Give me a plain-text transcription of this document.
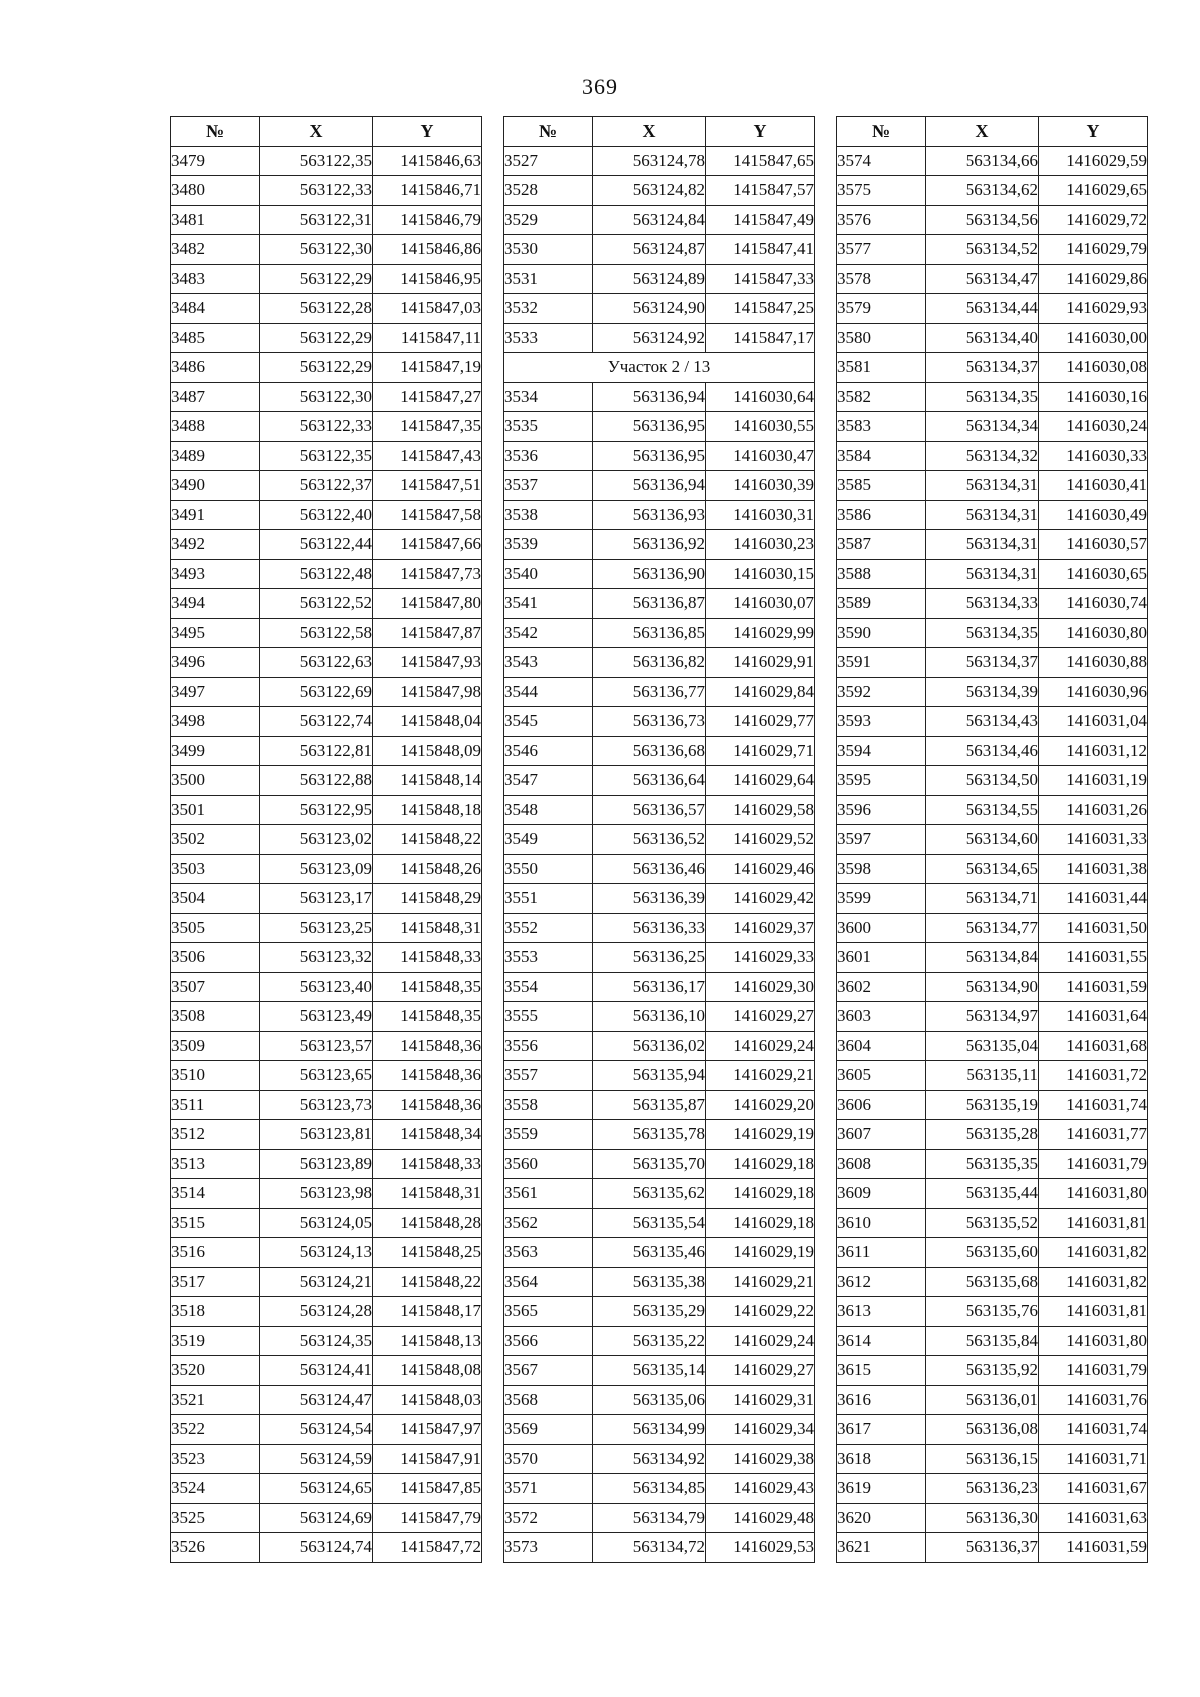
369
№	X	Y
3479	563122,35	1415846,63
3480	563122,33	1415846,71
3481	563122,31	1415846,79
3482	563122,30	1415846,86
3483	563122,29	1415846,95
3484	563122,28	1415847,03
3485	563122,29	1415847,11
3486	563122,29	1415847,19
3487	563122,30	1415847,27
3488	563122,33	1415847,35
3489	563122,35	1415847,43
3490	563122,37	1415847,51
3491	563122,40	1415847,58
3492	563122,44	1415847,66
3493	563122,48	1415847,73
3494	563122,52	1415847,80
3495	563122,58	1415847,87
3496	563122,63	1415847,93
3497	563122,69	1415847,98
3498	563122,74	1415848,04
3499	563122,81	1415848,09
3500	563122,88	1415848,14
3501	563122,95	1415848,18
3502	563123,02	1415848,22
3503	563123,09	1415848,26
3504	563123,17	1415848,29
3505	563123,25	1415848,31
3506	563123,32	1415848,33
3507	563123,40	1415848,35
3508	563123,49	1415848,35
3509	563123,57	1415848,36
3510	563123,65	1415848,36
3511	563123,73	1415848,36
3512	563123,81	1415848,34
3513	563123,89	1415848,33
3514	563123,98	1415848,31
3515	563124,05	1415848,28
3516	563124,13	1415848,25
3517	563124,21	1415848,22
3518	563124,28	1415848,17
3519	563124,35	1415848,13
3520	563124,41	1415848,08
3521	563124,47	1415848,03
3522	563124,54	1415847,97
3523	563124,59	1415847,91
3524	563124,65	1415847,85
3525	563124,69	1415847,79
3526	563124,74	1415847,72
№	X	Y
3527	563124,78	1415847,65
3528	563124,82	1415847,57
3529	563124,84	1415847,49
3530	563124,87	1415847,41
3531	563124,89	1415847,33
3532	563124,90	1415847,25
3533	563124,92	1415847,17
Участок 2 / 13		
3534	563136,94	1416030,64
3535	563136,95	1416030,55
3536	563136,95	1416030,47
3537	563136,94	1416030,39
3538	563136,93	1416030,31
3539	563136,92	1416030,23
3540	563136,90	1416030,15
3541	563136,87	1416030,07
3542	563136,85	1416029,99
3543	563136,82	1416029,91
3544	563136,77	1416029,84
3545	563136,73	1416029,77
3546	563136,68	1416029,71
3547	563136,64	1416029,64
3548	563136,57	1416029,58
3549	563136,52	1416029,52
3550	563136,46	1416029,46
3551	563136,39	1416029,42
3552	563136,33	1416029,37
3553	563136,25	1416029,33
3554	563136,17	1416029,30
3555	563136,10	1416029,27
3556	563136,02	1416029,24
3557	563135,94	1416029,21
3558	563135,87	1416029,20
3559	563135,78	1416029,19
3560	563135,70	1416029,18
3561	563135,62	1416029,18
3562	563135,54	1416029,18
3563	563135,46	1416029,19
3564	563135,38	1416029,21
3565	563135,29	1416029,22
3566	563135,22	1416029,24
3567	563135,14	1416029,27
3568	563135,06	1416029,31
3569	563134,99	1416029,34
3570	563134,92	1416029,38
3571	563134,85	1416029,43
3572	563134,79	1416029,48
3573	563134,72	1416029,53
№	X	Y
3574	563134,66	1416029,59
3575	563134,62	1416029,65
3576	563134,56	1416029,72
3577	563134,52	1416029,79
3578	563134,47	1416029,86
3579	563134,44	1416029,93
3580	563134,40	1416030,00
3581	563134,37	1416030,08
3582	563134,35	1416030,16
3583	563134,34	1416030,24
3584	563134,32	1416030,33
3585	563134,31	1416030,41
3586	563134,31	1416030,49
3587	563134,31	1416030,57
3588	563134,31	1416030,65
3589	563134,33	1416030,74
3590	563134,35	1416030,80
3591	563134,37	1416030,88
3592	563134,39	1416030,96
3593	563134,43	1416031,04
3594	563134,46	1416031,12
3595	563134,50	1416031,19
3596	563134,55	1416031,26
3597	563134,60	1416031,33
3598	563134,65	1416031,38
3599	563134,71	1416031,44
3600	563134,77	1416031,50
3601	563134,84	1416031,55
3602	563134,90	1416031,59
3603	563134,97	1416031,64
3604	563135,04	1416031,68
3605	563135,11	1416031,72
3606	563135,19	1416031,74
3607	563135,28	1416031,77
3608	563135,35	1416031,79
3609	563135,44	1416031,80
3610	563135,52	1416031,81
3611	563135,60	1416031,82
3612	563135,68	1416031,82
3613	563135,76	1416031,81
3614	563135,84	1416031,80
3615	563135,92	1416031,79
3616	563136,01	1416031,76
3617	563136,08	1416031,74
3618	563136,15	1416031,71
3619	563136,23	1416031,67
3620	563136,30	1416031,63
3621	563136,37	1416031,59
